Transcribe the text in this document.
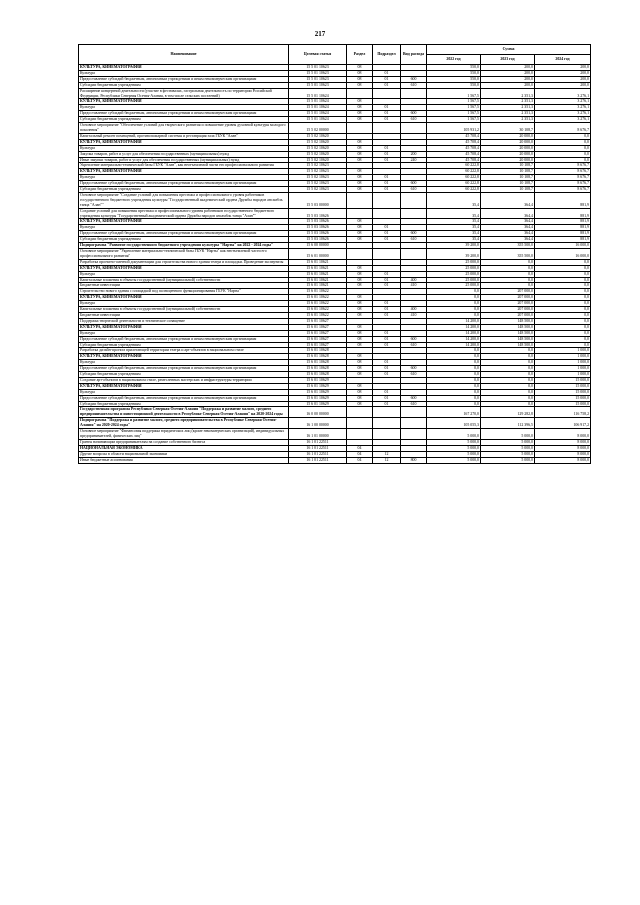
217
Наименование	Целевая статья	Раздел	Подраздел	Вид расхода	Сумма		
					2022 год	2023 год	2024 год
КУЛЬТУРА, КИНЕМАТОГРАФИЯ	15 5 01 10623	08			550,0	200,0	200,0
Культура	15 5 01 10623	08	01		550,0	200,0	200,0
Предоставление субсидий бюджетным, автономным учреждениям и иным некоммерческим организациям	15 5 01 10623	08	01	600	550,0	200,0	200,0
Субсидии бюджетным учреждениям	15 5 01 10623	08	01	610	550,0	200,0	200,0
Расширение концертной деятельности (участие в фестивалях, гастрольная деятельность по территории Российской Федерации, Республики Северная Осетия-Алания, в том числе сельских поселений)	15 5 01 10624				1 567,5	2 351,3	3 276,1
КУЛЬТУРА, КИНЕМАТОГРАФИЯ	15 5 01 10624	08			1 567,5	2 351,3	3 276,1
Культура	15 5 01 10624	08	01		1 567,5	2 351,3	3 276,1
Предоставление субсидий бюджетным, автономным учреждениям и иным некоммерческим организациям	15 5 01 10624	08	01	600	1 567,5	2 351,3	3 276,1
Субсидии бюджетным учреждениям	15 5 01 10624	08	01	610	1 567,5	2 351,3	3 276,1
Основное мероприятие "Обеспечение условий для творческого развития и повышение уровня духовной культуры молодого поколения"	15 5 02 00000				105 931,2	30 108,7	8 676,7
Капитальный ремонт помещений, противопожарной системы и реставрация зала ГБУК "Алан"	15 5 02 10620				45 708,4	20 000,0	0,0
КУЛЬТУРА, КИНЕМАТОГРАФИЯ	15 5 02 10620	08			45 708,4	20 000,0	0,0
Культура	15 5 02 10620	08	01		45 708,4	20 000,0	0,0
Закупка товаров, работ и услуг для обеспечения государственных (муниципальных) нужд	15 5 02 10620	08	01	200	45 708,4	20 000,0	0,0
Иные закупки товаров, работ и услуг для обеспечения государственных (муниципальных) нужд	15 5 02 10620	08	01	240	45 708,4	20 000,0	0,0
Укрепление материально-технической базы ГБУК "Алан", как неотъемлемой части его профессионального развития	15 5 02 10623				60 222,8	10 108,7	8 676,7
КУЛЬТУРА, КИНЕМАТОГРАФИЯ	15 5 02 10623	08			60 222,8	10 108,7	8 676,7
Культура	15 5 02 10623	08	01		60 222,8	10 108,7	8 676,7
Предоставление субсидий бюджетным, автономным учреждениям и иным некоммерческим организациям	15 5 02 10623	08	01	600	60 222,8	10 108,7	8 676,7
Субсидии бюджетным учреждениям	15 5 02 10623	08	01	610	60 222,8	10 108,7	8 676,7
Основное мероприятие "Создание условий для повышения престижа и профессионального уровня работников государственного бюджетного учреждения культуры "Государственный академический ордена Дружбы народов ансамбль танца "Алан""	15 5 03 00000				35,4	364,4	881,9
Создание условий для повышения престижа и профессионального уровня работников государственного бюджетного учреждения культуры "Государственный академический ордена Дружбы народов ансамбль танца "Алан""	15 5 03 10626				35,4	364,4	881,9
КУЛЬТУРА, КИНЕМАТОГРАФИЯ	15 5 03 10626	08			35,4	364,4	881,9
Культура	15 5 03 10626	08	01		35,4	364,4	881,9
Предоставление субсидий бюджетным, автономным учреждениям и иным некоммерческим организациям	15 5 03 10626	08	01	600	35,4	364,4	881,9
Субсидии бюджетным учреждениям	15 5 03 10626	08	01	610	35,4	364,4	881,9
Подпрограмма "Развитие государственного бюджетного учреждения культуры "Нарты" на 2022 - 2024 годы"	15 6 00 00000				39 200,0	355 500,0	16 000,0
Основное мероприятие "Укрепление материально-технической базы ГБУК "Нарты" как неотъемлемой части его профессионального развития"	15 6 01 00000				39 200,0	355 500,0	16 000,0
Разработка проектно-сметной документации для строительства нового здания театра и площадки. Проведение экспертизы	15 6 01 10621				25 000,0	0,0	0,0
КУЛЬТУРА, КИНЕМАТОГРАФИЯ	15 6 01 10621	08			25 000,0	0,0	0,0
Культура	15 6 01 10621	08	01		25 000,0	0,0	0,0
Капитальные вложения в объекты государственной (муниципальной) собственности	15 6 01 10621	08	01	400	25 000,0	0,0	0,0
Бюджетные инвестиции	15 6 01 10621	08	01	410	25 000,0	0,0	0,0
Строительство нового здания с площадкой под полноценного функционирования ГБУК "Нарты"	15 6 01 10622				0,0	207 000,0	0,0
КУЛЬТУРА, КИНЕМАТОГРАФИЯ	15 6 01 10622	08			0,0	207 000,0	0,0
Культура	15 6 01 10622	08	01		0,0	207 000,0	0,0
Капитальные вложения в объекты государственной (муниципальной) собственности	15 6 01 10622	08	01	400	0,0	207 000,0	0,0
Бюджетные инвестиции	15 6 01 10622	08	01	410	0,0	207 000,0	0,0
Поддержка творческой деятельности и техническое оснащение	15 6 01 10627				14 200,0	148 500,0	0,0
КУЛЬТУРА, КИНЕМАТОГРАФИЯ	15 6 01 10627	08			14 200,0	148 500,0	0,0
Культура	15 6 01 10627	08	01		14 200,0	148 500,0	0,0
Предоставление субсидий бюджетным, автономным учреждениям и иным некоммерческим организациям	15 6 01 10627	08	01	600	14 200,0	148 500,0	0,0
Субсидии бюджетным учреждениям	15 6 01 10627	08	01	610	14 200,0	148 500,0	0,0
Разработка дизайн-проекта прилегающей территории театра и арт-объектов в национальном стиле	15 6 01 10628				0,0	0,0	1 000,0
КУЛЬТУРА, КИНЕМАТОГРАФИЯ	15 6 01 10628	08			0,0	0,0	1 000,0
Культура	15 6 01 10628	08	01		0,0	0,0	1 000,0
Предоставление субсидий бюджетным, автономным учреждениям и иным некоммерческим организациям	15 6 01 10628	08	01	600	0,0	0,0	1 000,0
Субсидии бюджетным учреждениям	15 6 01 10628	08	01	610	0,0	0,0	1 000,0
Создание арт-объектов в национальном стиле, ремесленных мастерских и инфраструктуры территории	15 6 01 10629				0,0	0,0	15 000,0
КУЛЬТУРА, КИНЕМАТОГРАФИЯ	15 6 01 10629	08			0,0	0,0	15 000,0
Культура	15 6 01 10629	08	01		0,0	0,0	15 000,0
Предоставление субсидий бюджетным, автономным учреждениям и иным некоммерческим организациям	15 6 01 10629	08	01	600	0,0	0,0	15 000,0
Субсидии бюджетным учреждениям	15 6 01 10629	08	01	610	0,0	0,0	15 000,0
Государственная программа Республики Северная Осетия-Алания "Поддержка и развитие малого, среднего предпринимательства и инвестиционной деятельности в Республике Северная Осетия-Алания" на 2020-2024 годы	16 0 00 00000				167 270,0	129 282,8	116 758,2
Подпрограмма "Поддержка и развитие малого, среднего предпринимательства в Республике Северная Осетия-Алания" на 2020-2024 годы"	16 1 00 00000				105 055,3	112 396,5	106 917,2
Основное мероприятие "Финансовая поддержка юридических лиц (кроме некоммерческих организаций), индивидуальных предпринимателей, физических лиц"	16 1 01 00000				5 000,0	5 000,0	8 000,0
Гранты начинающим предпринимателям на создание собственного бизнеса	16 1 01 22511				5 000,0	5 000,0	8 000,0
НАЦИОНАЛЬНАЯ ЭКОНОМИКА	16 1 01 22511	04			5 000,0	5 000,0	8 000,0
Другие вопросы в области национальной экономики	16 1 01 22511	04	12		5 000,0	5 000,0	8 000,0
Иные бюджетные ассигнования	16 1 01 22511	04	12	800	5 000,0	5 000,0	8 000,0
